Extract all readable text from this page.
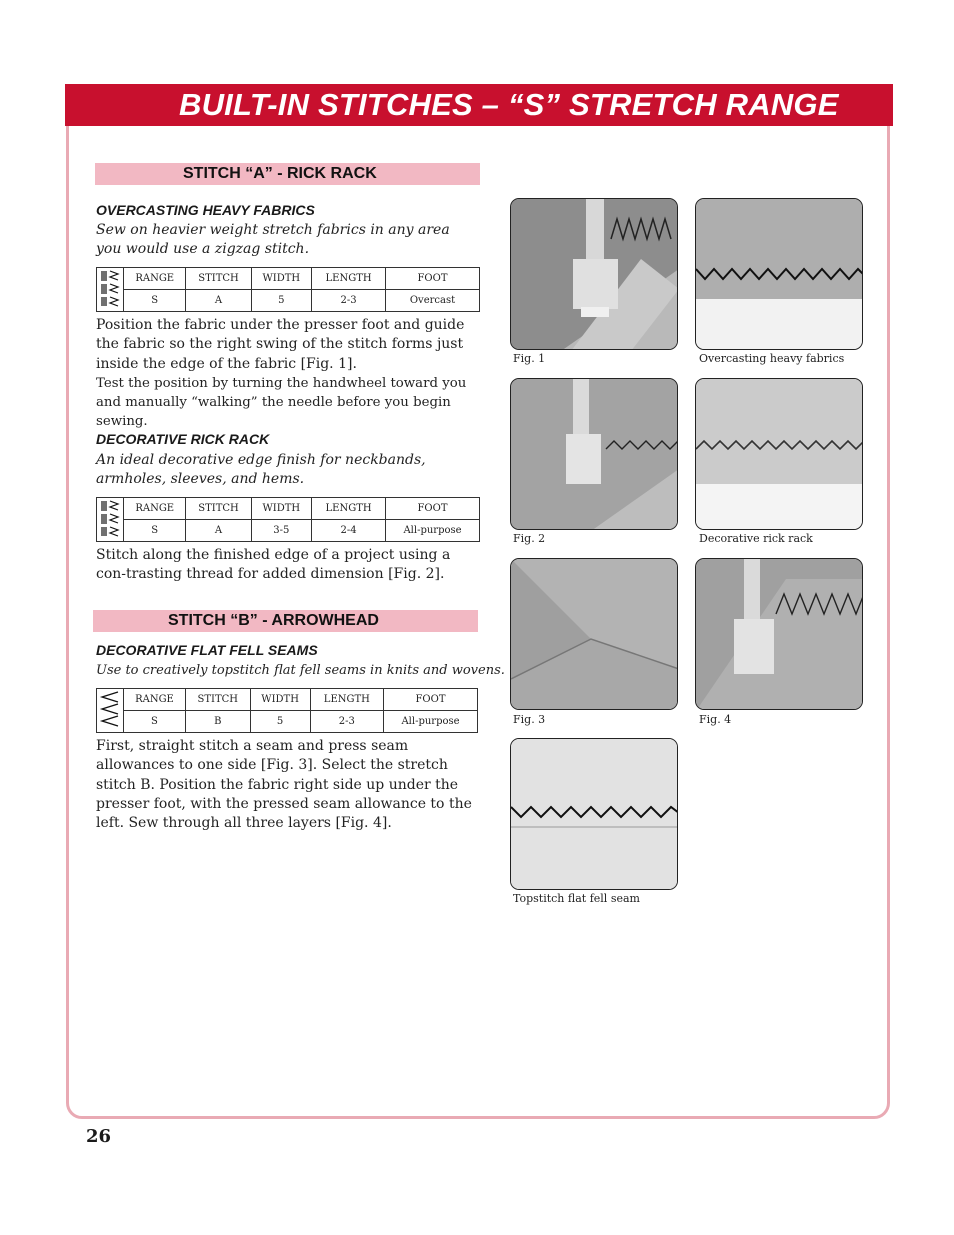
BUILT-IN STITCHES – “S” STRETCH RANGE
STITCH “A” - RICK RACK
OVERCASTING HEAVY FABRICS
Sew on heavier weight stretch fabrics in any area you would use a zigzag stitch.
	RANGE	STITCH	WIDTH	LENGTH	FOOT
	S	A	5	2-3	Overcast
Position the fabric under the presser foot and guide the fabric so the right swing of the stitch forms just inside the edge of the fabric [Fig. 1].
Test the position by turning the handwheel toward you and manually “walking” the needle before you begin sewing.
DECORATIVE RICK RACK
An ideal decorative edge finish for neckbands, armholes, sleeves, and hems.
	RANGE	STITCH	WIDTH	LENGTH	FOOT
	S	A	3-5	2-4	All-purpose
Stitch along the finished edge of a project using a con-trasting thread for added dimension [Fig. 2].
STITCH “B” - ARROWHEAD
DECORATIVE FLAT FELL SEAMS
Use to creatively topstitch flat fell seams in knits and wovens.
	RANGE	STITCH	WIDTH	LENGTH	FOOT
	S	B	5	2-3	All-purpose
First, straight stitch a seam and press seam allowances to one side [Fig. 3]. Select the stretch stitch B. Position the fabric right side up under the presser foot, with the pressed seam allowance to the left. Sew through all three layers [Fig. 4].
Fig. 1	Overcasting heavy fabrics
Fig. 2	Decorative rick rack
Fig. 3	Fig. 4
Topstitch flat fell seam
26
